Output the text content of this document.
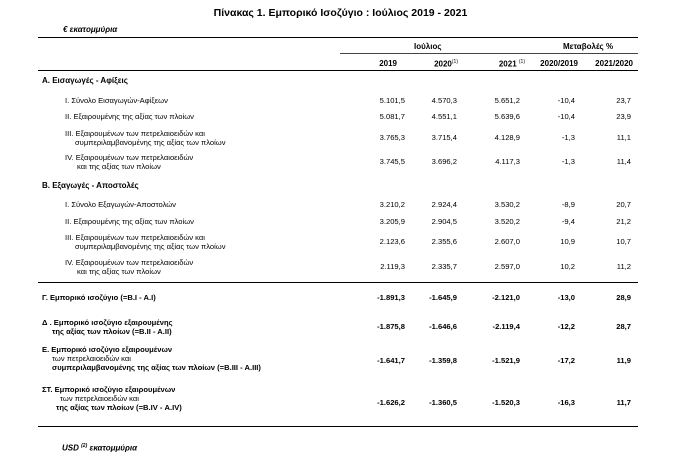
Πίνακας 1. Εμπορικό Ισοζύγιο : Ιούλιος 2019 - 2021
€ εκατομμύρια
Ιούλιος	Μεταβολές %
2019	2020$^{(1)}$	2021 $^{(1)}$	2020/2019	2021/2020
Α. Εισαγωγές - Αφίξεις
I. Σύνολο Εισαγωγών-Αφίξεων	5.101,5	4.570,3	5.651,2	-10,4	23,7
II. Εξαιρουμένης της αξίας των πλοίων	5.081,7	4.551,1	5.639,6	-10,4	23,9
III. Εξαιρουμένων των πετρελαιοειδών και
συμπεριλαμβανομένης της αξίας των πλοίων
3.765,3	3.715,4	4.128,9	-1,3	11,1
IV. Εξαιρουμένων των πετρελαιοειδών
και της αξίας των πλοίων
3.745,5	3.696,2	4.117,3	-1,3	11,4
Β. Εξαγωγές - Αποστολές
I. Σύνολο Εξαγωγών-Αποστολών	3.210,2	2.924,4	3.530,2	-8,9	20,7
II. Εξαιρουμένης της αξίας των πλοίων	3.205,9	2.904,5	3.520,2	-9,4	21,2
III. Εξαιρουμένων των πετρελαιοειδών και
συμπεριλαμβανομένης της αξίας των πλοίων
2.123,6	2.355,6	2.607,0	10,9	10,7
IV. Εξαιρουμένων των πετρελαιοειδών
και της αξίας των πλοίων
2.119,3	2.335,7	2.597,0	10,2	11,2
Γ. Εμπορικό ισοζύγιο (=Β.Ι - Α.Ι)	-1.891,3	-1.645,9	-2.121,0	-13,0	28,9
Δ . Εμπορικό ισοζύγιο εξαιρουμένης
της αξίας των πλοίων (=Β.ΙΙ - Α.ΙΙ)
-1.875,8	-1.646,6	-2.119,4	-12,2	28,7
Ε. Εμπορικό ισοζύγιο εξαιρουμένων
των πετρελαιοειδών και
συμπεριλαμβανομένης της αξίας των πλοίων (=Β.ΙΙΙ - Α.ΙΙΙ)
-1.641,7	-1.359,8	-1.521,9	-17,2	11,9
ΣΤ. Εμπορικό ισοζύγιο εξαιρουμένων
των πετρελαιοειδών και
της αξίας των πλοίων (=Β.IV - Α.IV)
-1.626,2	-1.360,5	-1.520,3	-16,3	11,7
USD $^{(2)}$ εκατομμύρια
